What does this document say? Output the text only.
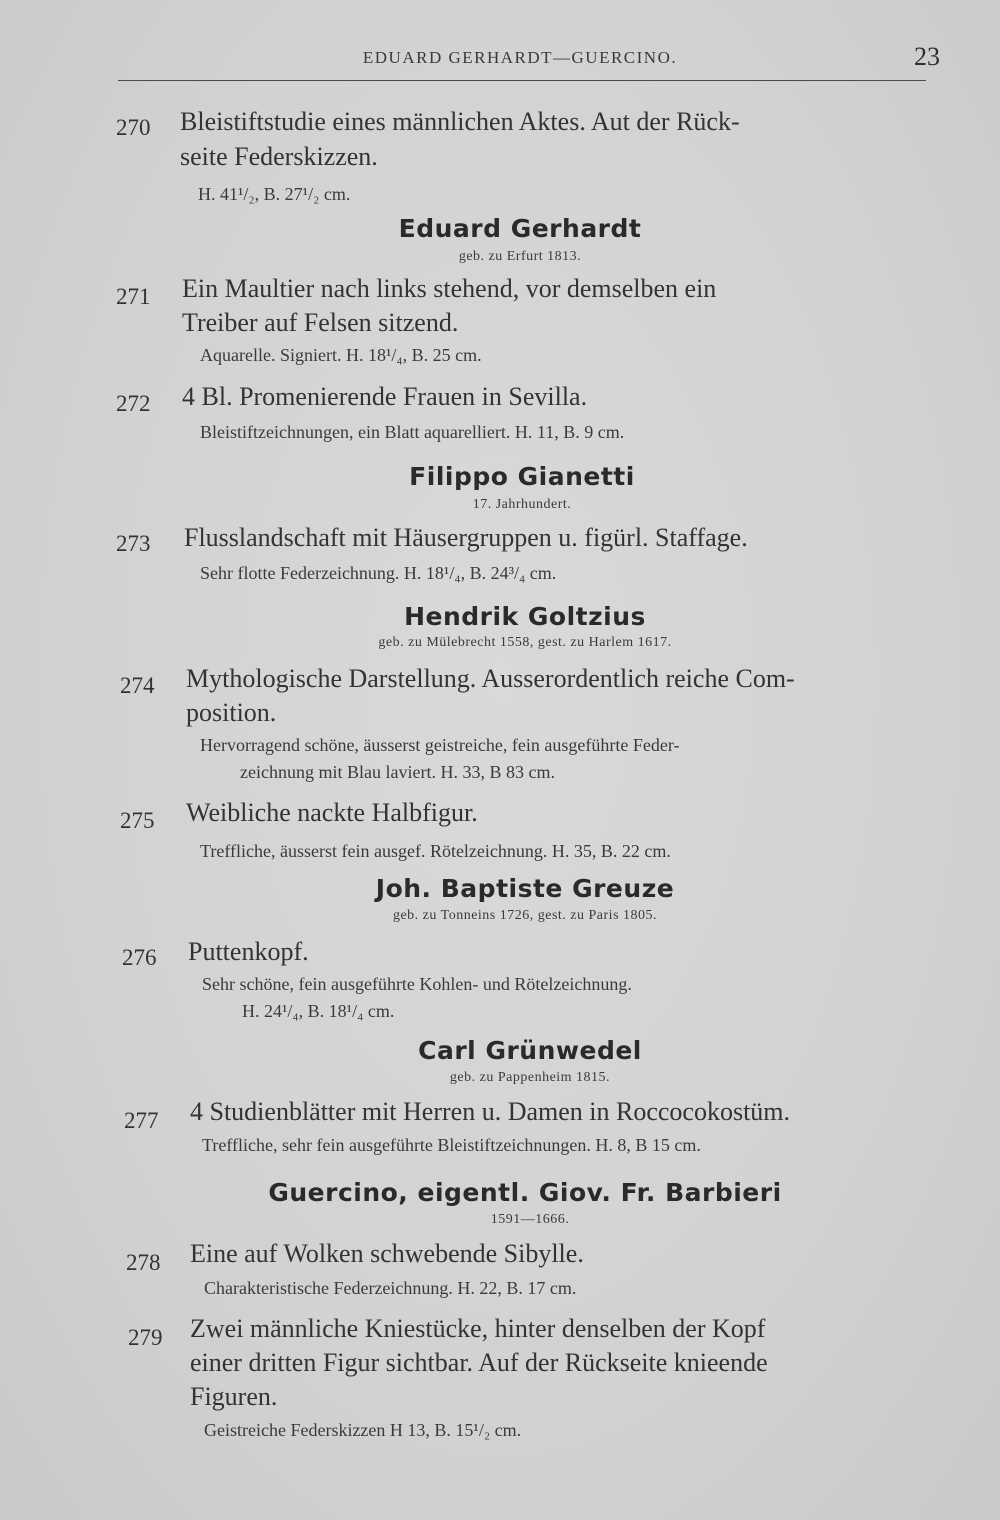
EDUARD GERHARDT—GUERCINO.	23
270 Bleistiftstudie eines männlichen Aktes. Aut der Rück-
seite Federskizzen.
H. 41¹/₂, B. 27¹/₂ cm.
Eduard Gerhardt
geb. zu Erfurt 1813.
271 Ein Maultier nach links stehend, vor demselben ein
Treiber auf Felsen sitzend.
Aquarelle. Signiert. H. 18¹/₄, B. 25 cm.
272 4 Bl. Promenierende Frauen in Sevilla.
Bleistiftzeichnungen, ein Blatt aquarelliert. H. 11, B. 9 cm.
Filippo Gianetti
17. Jahrhundert.
273 Flusslandschaft mit Häusergruppen u. figürl. Staffage.
Sehr flotte Federzeichnung. H. 18¹/₄, B. 24³/₄ cm.
Hendrik Goltzius
geb. zu Mülebrecht 1558, gest. zu Harlem 1617.
274 Mythologische Darstellung. Ausserordentlich reiche Com-
position.
Hervorragend schöne, äusserst geistreiche, fein ausgeführte Feder-
zeichnung mit Blau laviert. H. 33, B 83 cm.
275 Weibliche nackte Halbfigur.
Treffliche, äusserst fein ausgef. Rötelzeichnung. H. 35, B. 22 cm.
Joh. Baptiste Greuze
geb. zu Tonneins 1726, gest. zu Paris 1805.
276 Puttenkopf.
Sehr schöne, fein ausgeführte Kohlen- und Rötelzeichnung.
H. 24¹/₄, B. 18¹/₄ cm.
Carl Grünwedel
geb. zu Pappenheim 1815.
277 4 Studienblätter mit Herren u. Damen in Roccocokostüm.
Treffliche, sehr fein ausgeführte Bleistiftzeichnungen. H. 8, B 15 cm.
Guercino, eigentl. Giov. Fr. Barbieri
1591—1666.
278 Eine auf Wolken schwebende Sibylle.
Charakteristische Federzeichnung. H. 22, B. 17 cm.
279 Zwei männliche Kniestücke, hinter denselben der Kopf
einer dritten Figur sichtbar. Auf der Rückseite knieende
Figuren.
Geistreiche Federskizzen H 13, B. 15¹/₂ cm.
